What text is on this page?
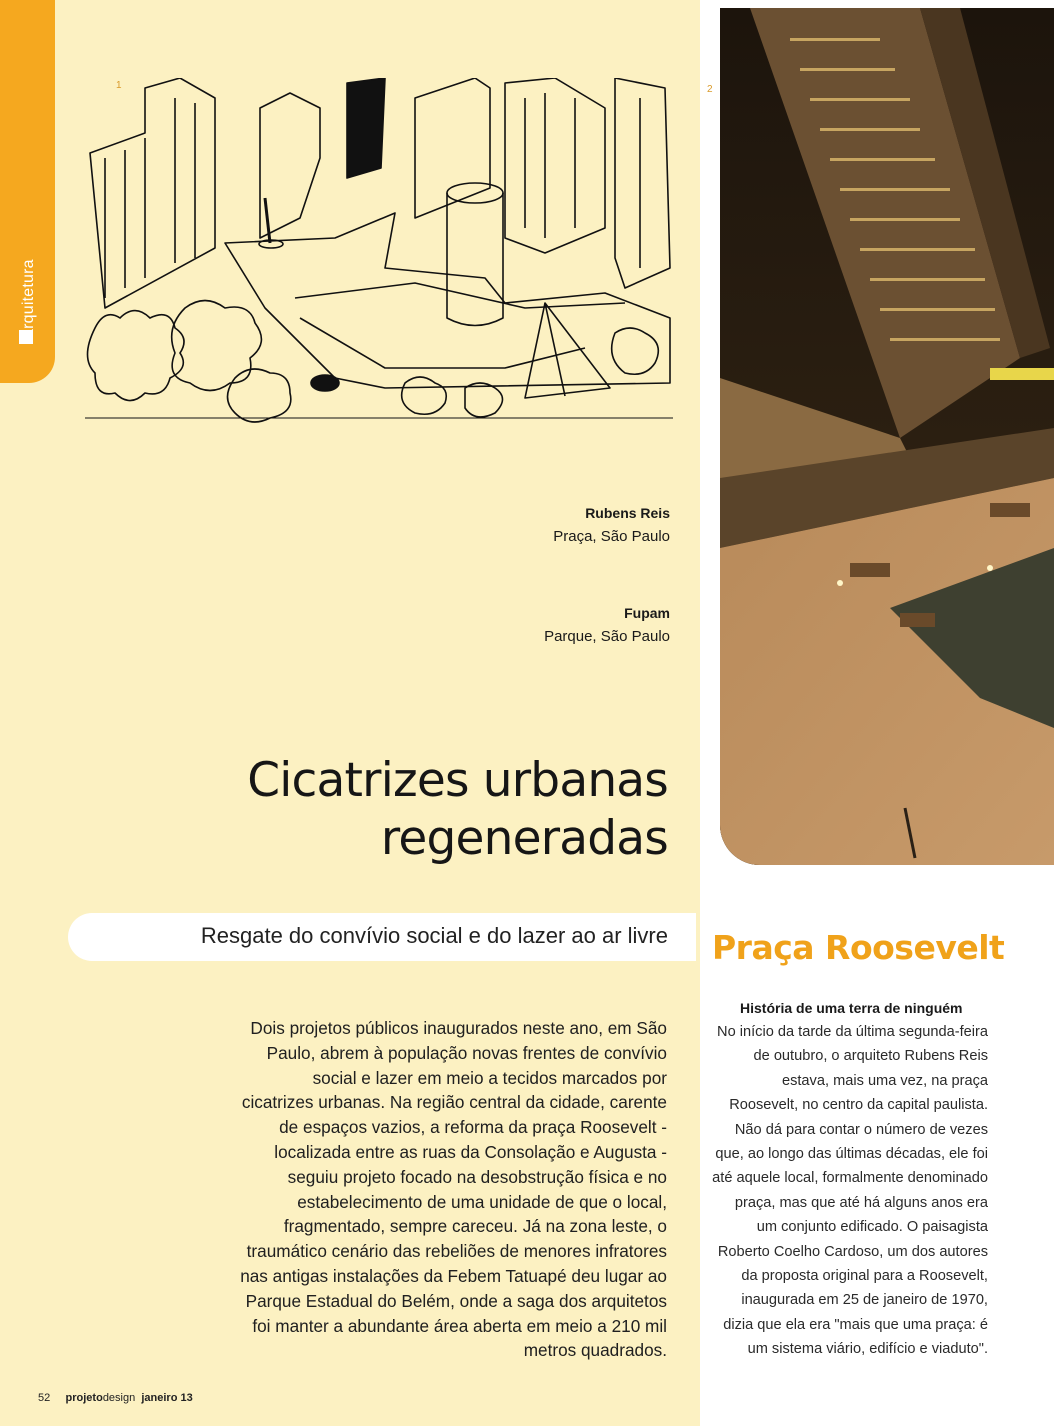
arquitetura
1	2
Rubens Reis
Praça, São Paulo
Fupam
Parque, São Paulo
Cicatrizes urbanas
regeneradas
Resgate do convívio social e do lazer ao ar livre
Dois projetos públicos inaugurados neste ano, em São Paulo, abrem à população novas frentes de convívio social e lazer em meio a tecidos marcados por cicatrizes urbanas. Na região central da cidade, carente de espaços vazios, a reforma da praça Roosevelt - localizada entre as ruas da Consolação e Augusta - seguiu projeto focado na desobstrução física e no estabelecimento de uma unidade de que o local, fragmentado, sempre careceu. Já na zona leste, o traumático cenário das rebeliões de menores infratores nas antigas instalações da Febem Tatuapé deu lugar ao Parque Estadual do Belém, onde a saga dos arquitetos foi manter a abundante área aberta em meio a 210 mil metros quadrados.
52 projetodesign janeiro 13
Praça Roosevelt
História de uma terra de ninguém
No início da tarde da última segunda-feira de outubro, o arquiteto Rubens Reis estava, mais uma vez, na praça Roosevelt, no centro da capital paulista. Não dá para contar o número de vezes que, ao longo das últimas décadas, ele foi até aquele local, formalmente denominado praça, mas que até há alguns anos era um conjunto edificado. O paisagista Roberto Coelho Cardoso, um dos autores da proposta original para a Roosevelt, inaugurada em 25 de janeiro de 1970, dizia que ela era "mais que uma praça: é um sistema viário, edifício e viaduto".
